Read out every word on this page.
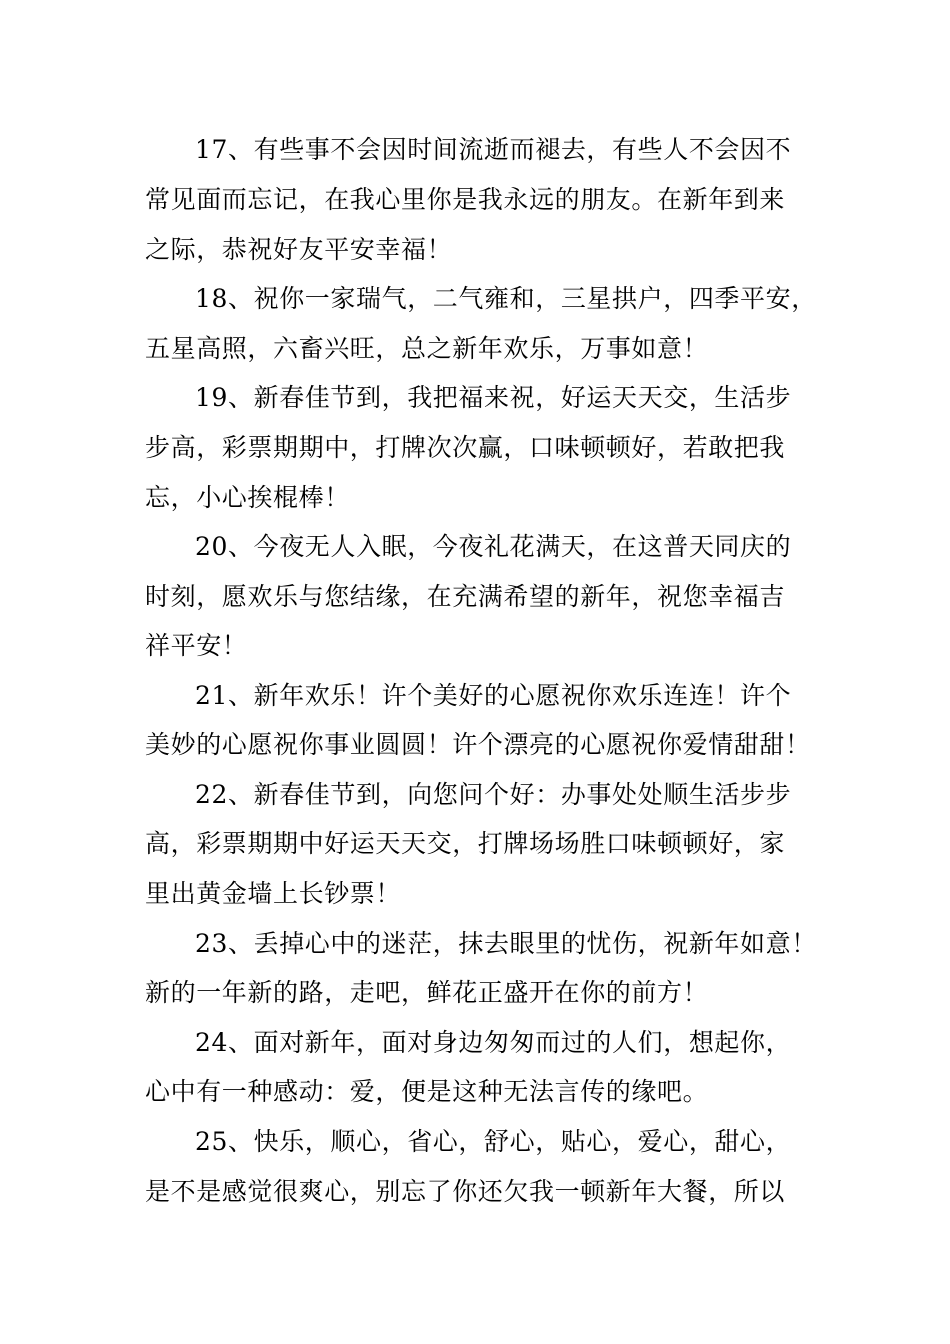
17、有些事不会因时间流逝而褪去，有些人不会因不
常见面而忘记，在我心里你是我永远的朋友。在新年到来
之际，恭祝好友平安幸福！
18、祝你一家瑞气，二气雍和，三星拱户，四季平安，
五星高照，六畜兴旺，总之新年欢乐，万事如意！
19、新春佳节到，我把福来祝，好运天天交，生活步
步高，彩票期期中，打牌次次赢，口味顿顿好，若敢把我
忘，小心挨棍棒！
20、今夜无人入眠，今夜礼花满天，在这普天同庆的
时刻，愿欢乐与您结缘，在充满希望的新年，祝您幸福吉
祥平安！
21、新年欢乐！许个美好的心愿祝你欢乐连连！许个
美妙的心愿祝你事业圆圆！许个漂亮的心愿祝你爱情甜甜！
22、新春佳节到，向您问个好：办事处处顺生活步步
高，彩票期期中好运天天交，打牌场场胜口味顿顿好，家
里出黄金墙上长钞票！
23、丢掉心中的迷茫，抹去眼里的忧伤，祝新年如意！
新的一年新的路，走吧，鲜花正盛开在你的前方！
24、面对新年，面对身边匆匆而过的人们，想起你，
心中有一种感动：爱，便是这种无法言传的缘吧。
25、快乐，顺心，省心，舒心，贴心，爱心，甜心，
是不是感觉很爽心，别忘了你还欠我一顿新年大餐，所以
